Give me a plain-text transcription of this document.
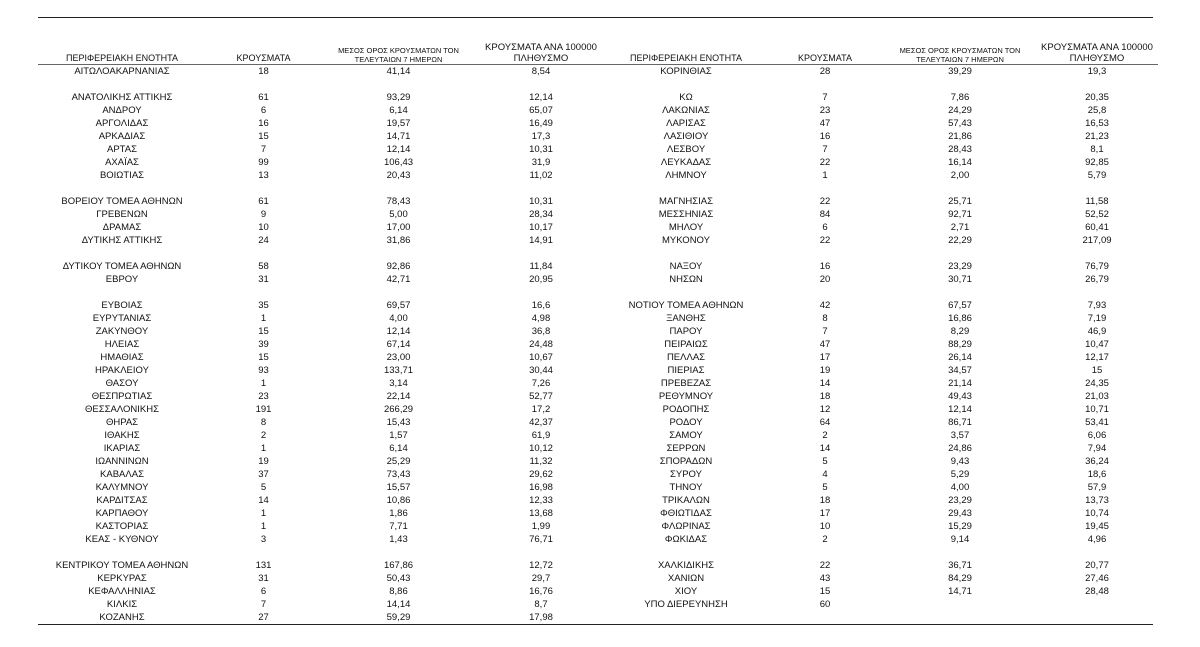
ΠΕΡΙΦΕΡΕΙΑΚΗ ΕΝΟΤΗΤΑ	ΚΡΟΥΣΜΑΤΑ	ΜΕΣΟΣ ΟΡΟΣ ΚΡΟΥΣΜΑΤΩΝ ΤΟΝ
ΤΕΛΕΥΤΑΙΩΝ 7 ΗΜΕΡΩΝ	ΚΡΟΥΣΜΑΤΑ ΑΝΑ 100000
ΠΛΗΘΥΣΜΟ
ΑΙΤΩΛΟΑΚΑΡΝΑΝΙΑΣ	18	41,14	8,54

ΑΝΑΤΟΛΙΚΗΣ ΑΤΤΙΚΗΣ	61	93,29	12,14
ΑΝΔΡΟΥ	6	6,14	65,07
ΑΡΓΟΛΙΔΑΣ	16	19,57	16,49
ΑΡΚΑΔΙΑΣ	15	14,71	17,3
ΑΡΤΑΣ	7	12,14	10,31
ΑΧΑΪΑΣ	99	106,43	31,9
ΒΟΙΩΤΙΑΣ	13	20,43	11,02

ΒΟΡΕΙΟΥ ΤΟΜΕΑ ΑΘΗΝΩΝ	61	78,43	10,31
ΓΡΕΒΕΝΩΝ	9	5,00	28,34
ΔΡΑΜΑΣ	10	17,00	10,17
ΔΥΤΙΚΗΣ ΑΤΤΙΚΗΣ	24	31,86	14,91

ΔΥΤΙΚΟΥ ΤΟΜΕΑ ΑΘΗΝΩΝ	58	92,86	11,84
ΕΒΡΟΥ	31	42,71	20,95

ΕΥΒΟΙΑΣ	35	69,57	16,6
ΕΥΡΥΤΑΝΙΑΣ	1	4,00	4,98
ΖΑΚΥΝΘΟΥ	15	12,14	36,8
ΗΛΕΙΑΣ	39	67,14	24,48
ΗΜΑΘΙΑΣ	15	23,00	10,67
ΗΡΑΚΛΕΙΟΥ	93	133,71	30,44
ΘΑΣΟΥ	1	3,14	7,26
ΘΕΣΠΡΩΤΙΑΣ	23	22,14	52,77
ΘΕΣΣΑΛΟΝΙΚΗΣ	191	266,29	17,2
ΘΗΡΑΣ	8	15,43	42,37
ΙΘΑΚΗΣ	2	1,57	61,9
ΙΚΑΡΙΑΣ	1	6,14	10,12
ΙΩΑΝΝΙΝΩΝ	19	25,29	11,32
ΚΑΒΑΛΑΣ	37	73,43	29,62
ΚΑΛΥΜΝΟΥ	5	15,57	16,98
ΚΑΡΔΙΤΣΑΣ	14	10,86	12,33
ΚΑΡΠΑΘΟΥ	1	1,86	13,68
ΚΑΣΤΟΡΙΑΣ	1	7,71	1,99
ΚΕΑΣ - ΚΥΘΝΟΥ	3	1,43	76,71

ΚΕΝΤΡΙΚΟΥ ΤΟΜΕΑ ΑΘΗΝΩΝ	131	167,86	12,72
ΚΕΡΚΥΡΑΣ	31	50,43	29,7
ΚΕΦΑΛΛΗΝΙΑΣ	6	8,86	16,76
ΚΙΛΚΙΣ	7	14,14	8,7
ΚΟΖΑΝΗΣ	27	59,29	17,98
ΠΕΡΙΦΕΡΕΙΑΚΗ ΕΝΟΤΗΤΑ	ΚΡΟΥΣΜΑΤΑ	ΜΕΣΟΣ ΟΡΟΣ ΚΡΟΥΣΜΑΤΩΝ ΤΟΝ
ΤΕΛΕΥΤΑΙΩΝ 7 ΗΜΕΡΩΝ	ΚΡΟΥΣΜΑΤΑ ΑΝΑ 100000
ΠΛΗΘΥΣΜΟ
ΚΟΡΙΝΘΙΑΣ	28	39,29	19,3

ΚΩ	7	7,86	20,35
ΛΑΚΩΝΙΑΣ	23	24,29	25,8
ΛΑΡΙΣΑΣ	47	57,43	16,53
ΛΑΣΙΘΙΟΥ	16	21,86	21,23
ΛΕΣΒΟΥ	7	28,43	8,1
ΛΕΥΚΑΔΑΣ	22	16,14	92,85
ΛΗΜΝΟΥ	1	2,00	5,79

ΜΑΓΝΗΣΙΑΣ	22	25,71	11,58
ΜΕΣΣΗΝΙΑΣ	84	92,71	52,52
ΜΗΛΟΥ	6	2,71	60,41
ΜΥΚΟΝΟΥ	22	22,29	217,09

ΝΑΞΟΥ	16	23,29	76,79
ΝΗΣΩΝ	20	30,71	26,79

ΝΟΤΙΟΥ ΤΟΜΕΑ ΑΘΗΝΩΝ	42	67,57	7,93
ΞΑΝΘΗΣ	8	16,86	7,19
ΠΑΡΟΥ	7	8,29	46,9
ΠΕΙΡΑΙΩΣ	47	88,29	10,47
ΠΕΛΛΑΣ	17	26,14	12,17
ΠΙΕΡΙΑΣ	19	34,57	15
ΠΡΕΒΕΖΑΣ	14	21,14	24,35
ΡΕΘΥΜΝΟΥ	18	49,43	21,03
ΡΟΔΟΠΗΣ	12	12,14	10,71
ΡΟΔΟΥ	64	86,71	53,41
ΣΑΜΟΥ	2	3,57	6,06
ΣΕΡΡΩΝ	14	24,86	7,94
ΣΠΟΡΑΔΩΝ	5	9,43	36,24
ΣΥΡΟΥ	4	5,29	18,6
ΤΗΝΟΥ	5	4,00	57,9
ΤΡΙΚΑΛΩΝ	18	23,29	13,73
ΦΘΙΩΤΙΔΑΣ	17	29,43	10,74
ΦΛΩΡΙΝΑΣ	10	15,29	19,45
ΦΩΚΙΔΑΣ	2	9,14	4,96

ΧΑΛΚΙΔΙΚΗΣ	22	36,71	20,77
ΧΑΝΙΩΝ	43	84,29	27,46
ΧΙΟΥ	15	14,71	28,48
ΥΠΟ ΔΙΕΡΕΥΝΗΣΗ	60		
